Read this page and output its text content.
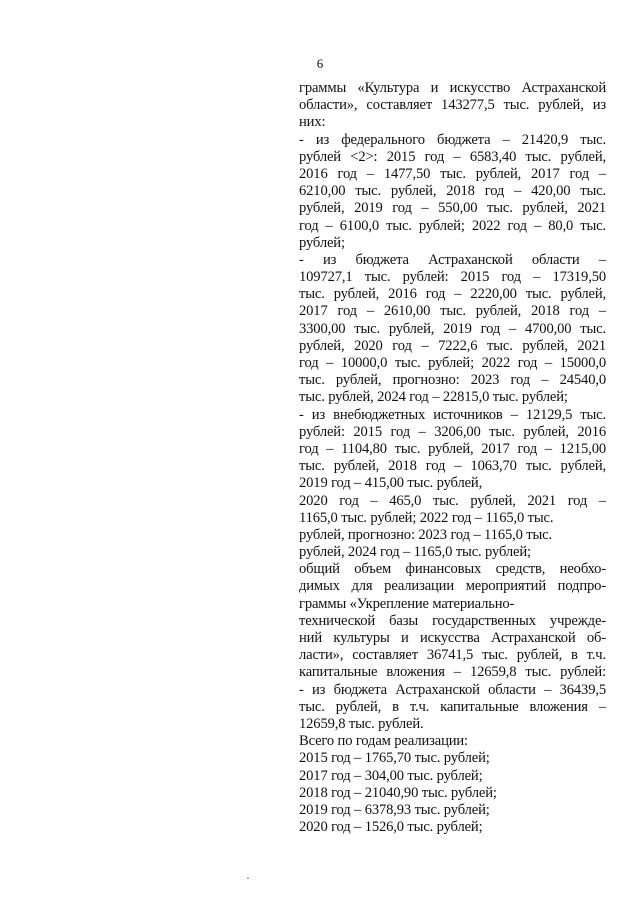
6
граммы «Культура и искусство Астраханской
области», составляет 143277,5 тыс. рублей, из
них:
- из федерального бюджета – 21420,9 тыс.
рублей <2>: 2015 год – 6583,40 тыс. рублей,
2016 год – 1477,50 тыс. рублей, 2017 год –
6210,00 тыс. рублей, 2018 год – 420,00 тыс.
рублей, 2019 год – 550,00 тыс. рублей, 2021
год – 6100,0 тыс. рублей; 2022 год – 80,0 тыс.
рублей;
- из бюджета Астраханской области –
109727,1 тыс. рублей: 2015 год – 17319,50
тыс. рублей, 2016 год – 2220,00 тыс. рублей,
2017 год – 2610,00 тыс. рублей, 2018 год –
3300,00 тыс. рублей, 2019 год – 4700,00 тыс.
рублей, 2020 год – 7222,6 тыс. рублей, 2021
год – 10000,0 тыс. рублей; 2022 год – 15000,0
тыс. рублей, прогнозно: 2023 год – 24540,0
тыс. рублей, 2024 год – 22815,0 тыс. рублей;
- из внебюджетных источников – 12129,5 тыс.
рублей: 2015 год – 3206,00 тыс. рублей, 2016
год – 1104,80 тыс. рублей, 2017 год – 1215,00
тыс. рублей, 2018 год – 1063,70 тыс. рублей,
2019 год – 415,00 тыс. рублей,
2020 год – 465,0 тыс. рублей, 2021 год –
1165,0 тыс. рублей; 2022 год – 1165,0 тыс.
рублей, прогнозно: 2023 год – 1165,0 тыс.
рублей, 2024 год – 1165,0 тыс. рублей;
общий объем финансовых средств, необхо-
димых для реализации мероприятий подпро-
граммы «Укрепление материально-
технической базы государственных учрежде-
ний культуры и искусства Астраханской об-
ласти», составляет 36741,5 тыс. рублей, в т.ч.
капитальные вложения – 12659,8 тыс. рублей:
- из бюджета Астраханской области – 36439,5
тыс. рублей, в т.ч. капитальные вложения –
12659,8 тыс. рублей.
Всего по годам реализации:
2015 год – 1765,70 тыс. рублей;
2017 год – 304,00 тыс. рублей;
2018 год – 21040,90 тыс. рублей;
2019 год – 6378,93 тыс. рублей;
2020 год – 1526,0 тыс. рублей;
